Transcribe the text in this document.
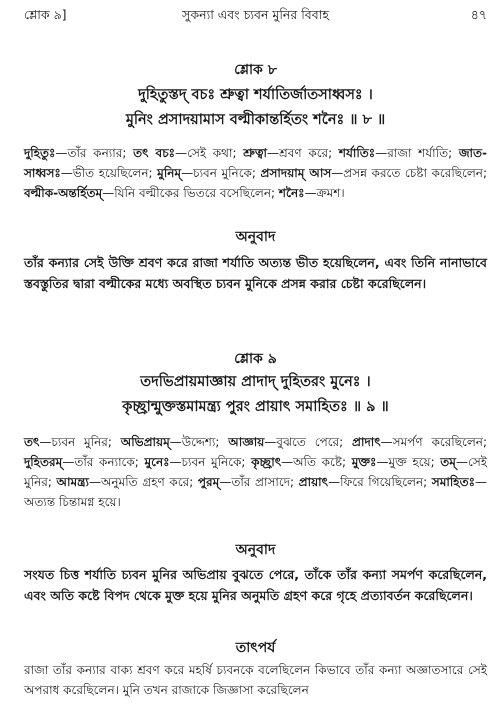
শ্লোক ৯]	সুকন্যা এবং চ্যবন মুনির বিবাহ	৪৭
শ্লোক ৮
দুহিতুস্তদ্ বচঃ শ্রুত্বা শর্যাতির্জাতসাধ্বসঃ ।
মুনিং প্রসাদয়ামাস বল্মীকান্তর্হিতং শনৈঃ ॥ ৮ ॥
দুহিতুঃ—তাঁর কন্যার; তৎ বচঃ—সেই কথা; শ্রুত্বা—শ্রবণ করে; শর্যাতিঃ—রাজা শর্যাতি; জাত-সাধ্বসঃ—ভীত হয়েছিলেন; মুনিম্—চ্যবন মুনিকে; প্রসাদয়াম্ আস—প্রসন্ন করতে চেষ্টা করেছিলেন; বল্মীক-অন্তর্হিতম্—যিনি বল্মীকের ভিতরে বসেছিলেন; শনৈঃ—ক্রমশ।
অনুবাদ
তাঁর কন্যার সেই উক্তি শ্রবণ করে রাজা শর্যাতি অত্যন্ত ভীত হয়েছিলেন, এবং তিনি নানাভাবে স্তবস্তুতির দ্বারা বল্মীকের মধ্যে অবস্থিত চ্যবন মুনিকে প্রসন্ন করার চেষ্টা করেছিলেন।
শ্লোক ৯
তদভিপ্রায়মাজ্ঞায় প্রাদাদ্ দুহিতরং মুনেঃ ।
কৃচ্ছ্রান্মুক্তস্তমামন্ত্র্য পুরং প্রায়াৎ সমাহিতঃ ॥ ৯ ॥
তৎ—চ্যবন মুনির; অভিপ্রায়ম্—উদ্দেশ্য; আজ্ঞায়—বুঝতে পেরে; প্রাদাৎ—সমর্পণ করেছিলেন; দুহিতরম্—তাঁর কন্যাকে; মুনেঃ—চ্যবন মুনিকে; কৃচ্ছ্রাৎ—অতি কষ্টে; মুক্তঃ—মুক্ত হয়ে; তম্—সেই মুনির; আমন্ত্র্য—অনুমতি গ্রহণ করে; পুরম্—তাঁর প্রাসাদে; প্রায়াৎ—ফিরে গিয়েছিলেন; সমাহিতঃ—অত্যন্ত চিন্তামগ্ন হয়ে।
অনুবাদ
সংযত চিত্ত শর্যাতি চ্যবন মুনির অভিপ্রায় বুঝতে পেরে, তাঁকে তাঁর কন্যা সমর্পণ করেছিলেন, এবং অতি কষ্টে বিপদ থেকে মুক্ত হয়ে মুনির অনুমতি গ্রহণ করে গৃহে প্রত্যাবর্তন করেছিলেন।
তাৎপর্য
রাজা তাঁর কন্যার বাক্য শ্রবণ করে মহর্ষি চ্যবনকে বলেছিলেন কিভাবে তাঁর কন্যা অজ্ঞাতসারে সেই অপরাধ করেছিলেন। মুনি তখন রাজাকে জিজ্ঞাসা করেছিলেন
